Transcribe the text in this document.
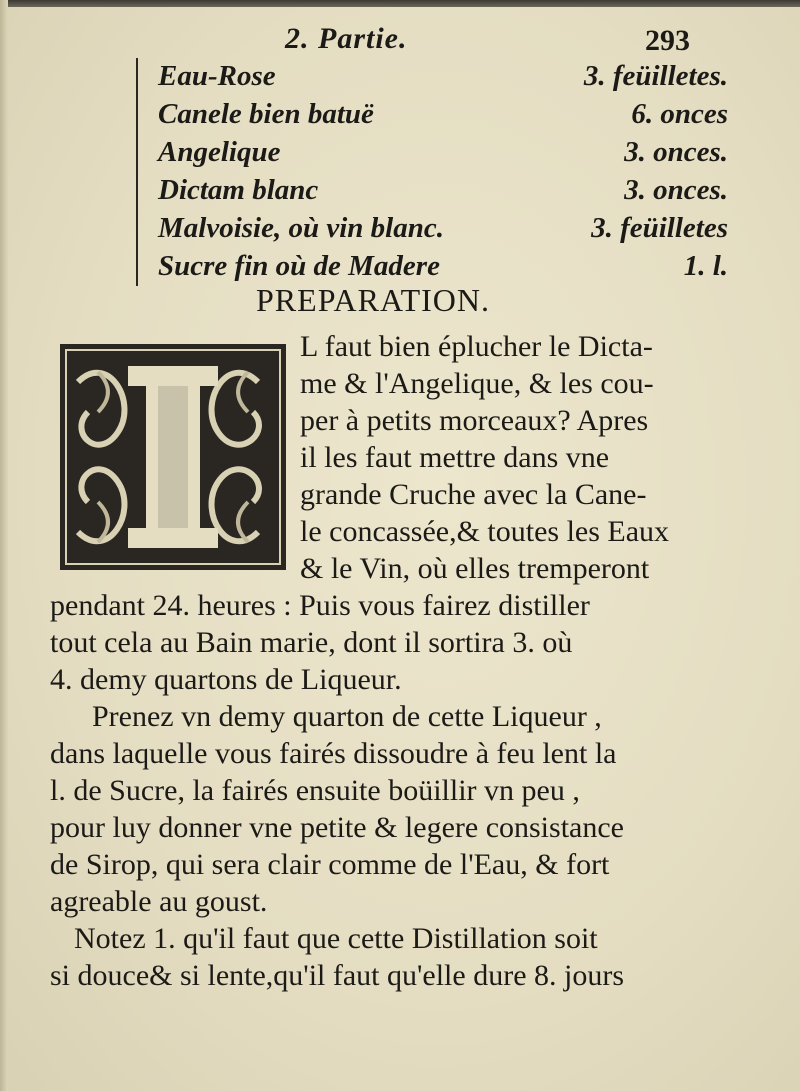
2. Partie.	293
Eau-Rose	3. feüilletes.
Canele bien batuë	6. onces
Angelique	3. onces.
Dictam blanc	3. onces.
Malvoisie, où vin blanc.	3. feüilletes
Sucre fin où de Madere	1. l.
PREPARATION.
I
L faut bien éplucher le Dicta-
me & l'Angelique, & les cou-
per à petits morceaux? Apres
il les faut mettre dans vne
grande Cruche avec la Cane-
le concassée,& toutes les Eaux
& le Vin, où elles tremperont
pendant 24. heures : Puis vous fairez distiller
tout cela au Bain marie, dont il sortira 3. où
4. demy quartons de Liqueur.
Prenez vn demy quarton de cette Liqueur ,
dans laquelle vous fairés dissoudre à feu lent la
l. de Sucre, la fairés ensuite boüillir vn peu ,
pour luy donner vne petite & legere consistance
de Sirop, qui sera clair comme de l'Eau, & fort
agreable au goust.
Notez 1. qu'il faut que cette Distillation soit
si douce& si lente,qu'il faut qu'elle dure 8. jours
